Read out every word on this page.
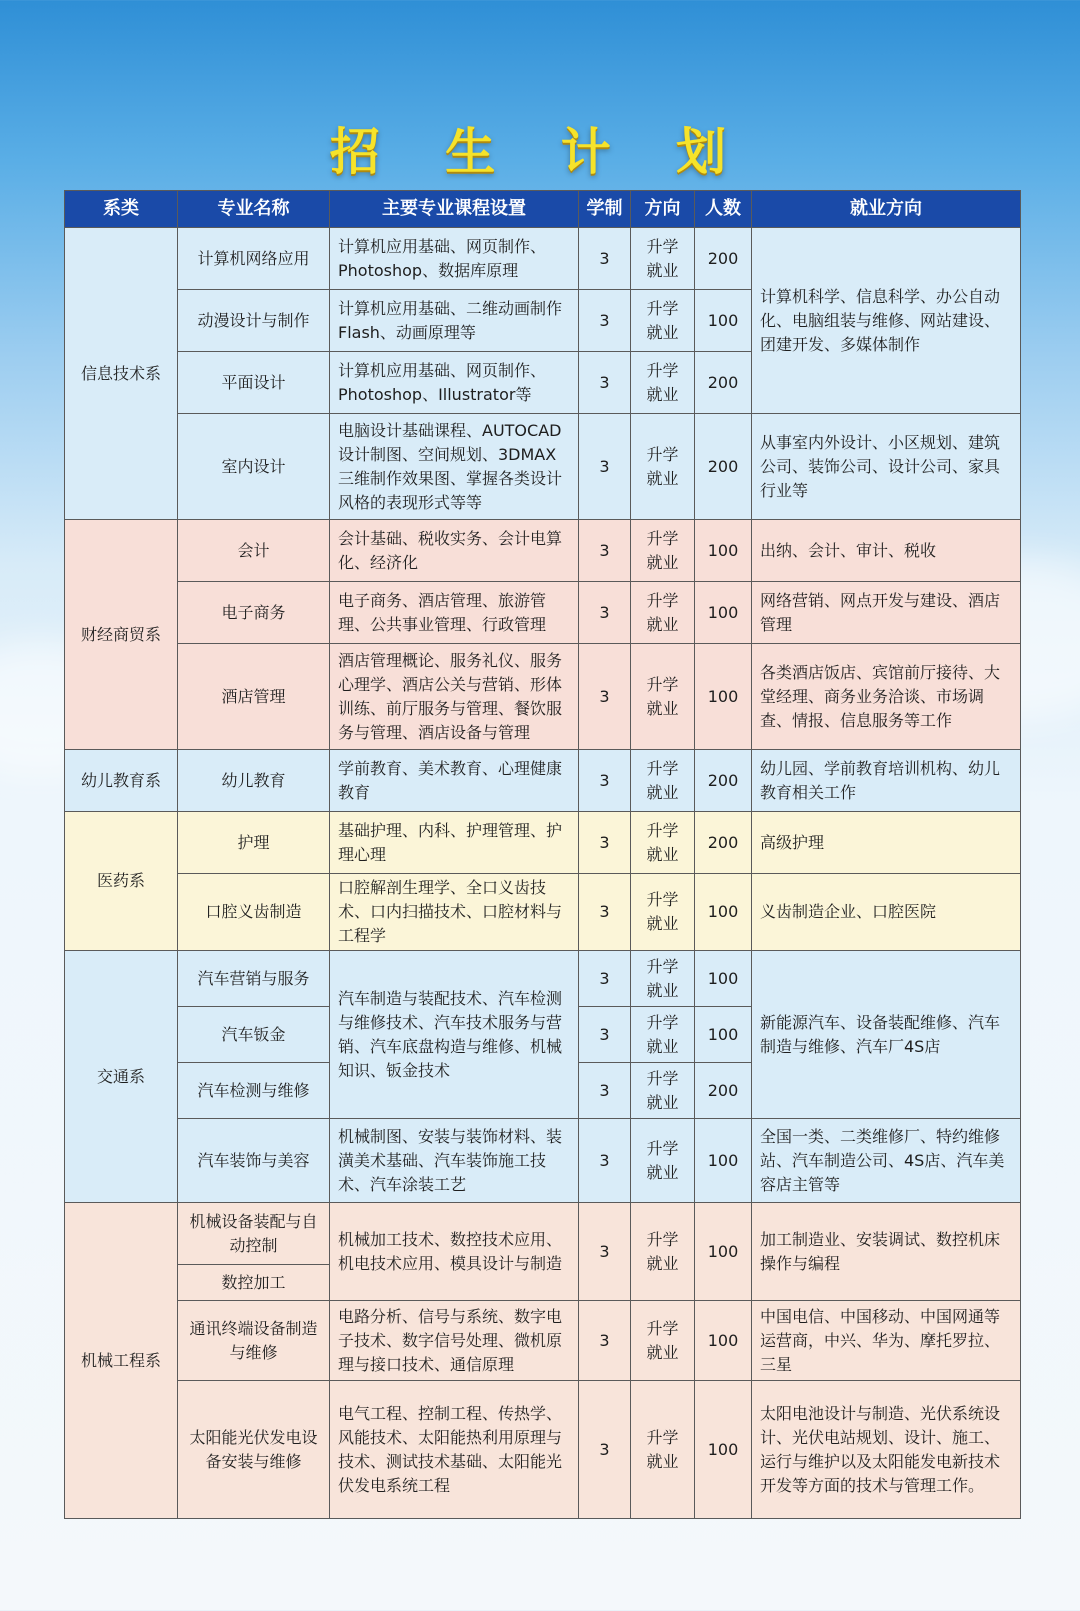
招 生 计 划
系类	专业名称	主要专业课程设置	学制	方向	人数	就业方向
信息技术系	计算机网络应用	计算机应用基础、网页制作、Photoshop、数据库原理	3	升学就业	200	计算机科学、信息科学、办公自动化、电脑组装与维修、网站建设、团建开发、多媒体制作
	动漫设计与制作	计算机应用基础、二维动画制作Flash、动画原理等	3	升学就业	100	
	平面设计	计算机应用基础、网页制作、Photoshop、Illustrator等	3	升学就业	200	
	室内设计	电脑设计基础课程、AUTOCAD设计制图、空间规划、3DMAX三维制作效果图、掌握各类设计风格的表现形式等等	3	升学就业	200	从事室内外设计、小区规划、建筑公司、装饰公司、设计公司、家具行业等
财经商贸系	会计	会计基础、税收实务、会计电算化、经济化	3	升学就业	100	出纳、会计、审计、税收
	电子商务	电子商务、酒店管理、旅游管理、公共事业管理、行政管理	3	升学就业	100	网络营销、网点开发与建设、酒店管理
	酒店管理	酒店管理概论、服务礼仪、服务心理学、酒店公关与营销、形体训练、前厅服务与管理、餐饮服务与管理、酒店设备与管理	3	升学就业	100	各类酒店饭店、宾馆前厅接待、大堂经理、商务业务洽谈、市场调查、情报、信息服务等工作
幼儿教育系	幼儿教育	学前教育、美术教育、心理健康教育	3	升学就业	200	幼儿园、学前教育培训机构、幼儿教育相关工作
医药系	护理	基础护理、内科、护理管理、护理心理	3	升学就业	200	高级护理
	口腔义齿制造	口腔解剖生理学、全口义齿技术、口内扫描技术、口腔材料与工程学	3	升学就业	100	义齿制造企业、口腔医院
交通系	汽车营销与服务	汽车制造与装配技术、汽车检测与维修技术、汽车技术服务与营销、汽车底盘构造与维修、机械知识、钣金技术	3	升学就业	100	新能源汽车、设备装配维修、汽车制造与维修、汽车厂4S店
	汽车钣金		3	升学就业	100	
	汽车检测与维修		3	升学就业	200	
	汽车装饰与美容	机械制图、安装与装饰材料、装潢美术基础、汽车装饰施工技术、汽车涂装工艺	3	升学就业	100	全国一类、二类维修厂、特约维修站、汽车制造公司、4S店、汽车美容店主管等
机械工程系	机械设备装配与自动控制	机械加工技术、数控技术应用、机电技术应用、模具设计与制造	3	升学就业	100	加工制造业、安装调试、数控机床操作与编程
	数控加工					
	通讯终端设备制造与维修	电路分析、信号与系统、数字电子技术、数字信号处理、微机原理与接口技术、通信原理	3	升学就业	100	中国电信、中国移动、中国网通等运营商，中兴、华为、摩托罗拉、三星
	太阳能光伏发电设备安装与维修	电气工程、控制工程、传热学、风能技术、太阳能热利用原理与技术、测试技术基础、太阳能光伏发电系统工程	3	升学就业	100	太阳电池设计与制造、光伏系统设计、光伏电站规划、设计、施工、运行与维护以及太阳能发电新技术开发等方面的技术与管理工作。
